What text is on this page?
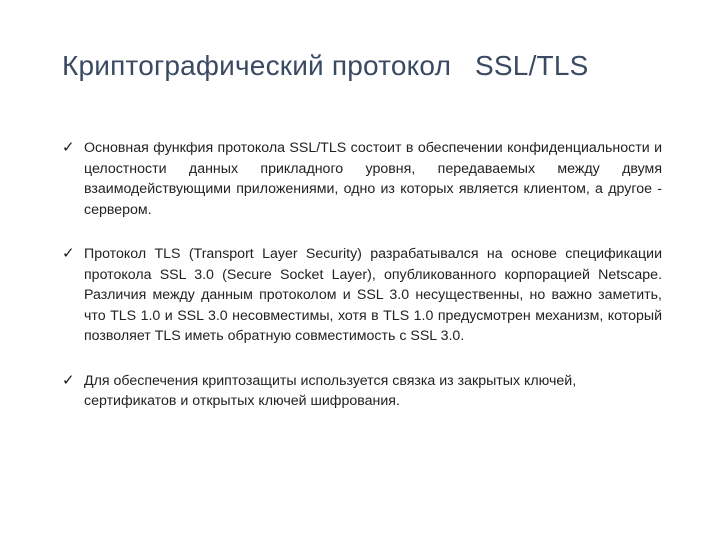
Криптографический протокол   SSL/TLS
✓ Основная функфия протокола SSL/TLS состоит в обеспечении конфиденциальности и целостности данных прикладного уровня, передаваемых между двумя взаимодействующими приложениями, одно из которых является клиентом, а другое - сервером.
✓ Протокол TLS (Transport Layer Security) разрабатывался на основе спецификации протокола SSL 3.0 (Secure Socket Layer), опубликованного корпорацией Netscape. Различия между данным протоколом и SSL 3.0 несущественны, но важно заметить, что TLS 1.0 и SSL 3.0 несовместимы, хотя в TLS 1.0 предусмотрен механизм, который позволяет TLS иметь обратную совместимость с SSL 3.0.
✓ Для обеспечения криптозащиты используется связка из закрытых ключей, сертификатов и открытых ключей шифрования.
